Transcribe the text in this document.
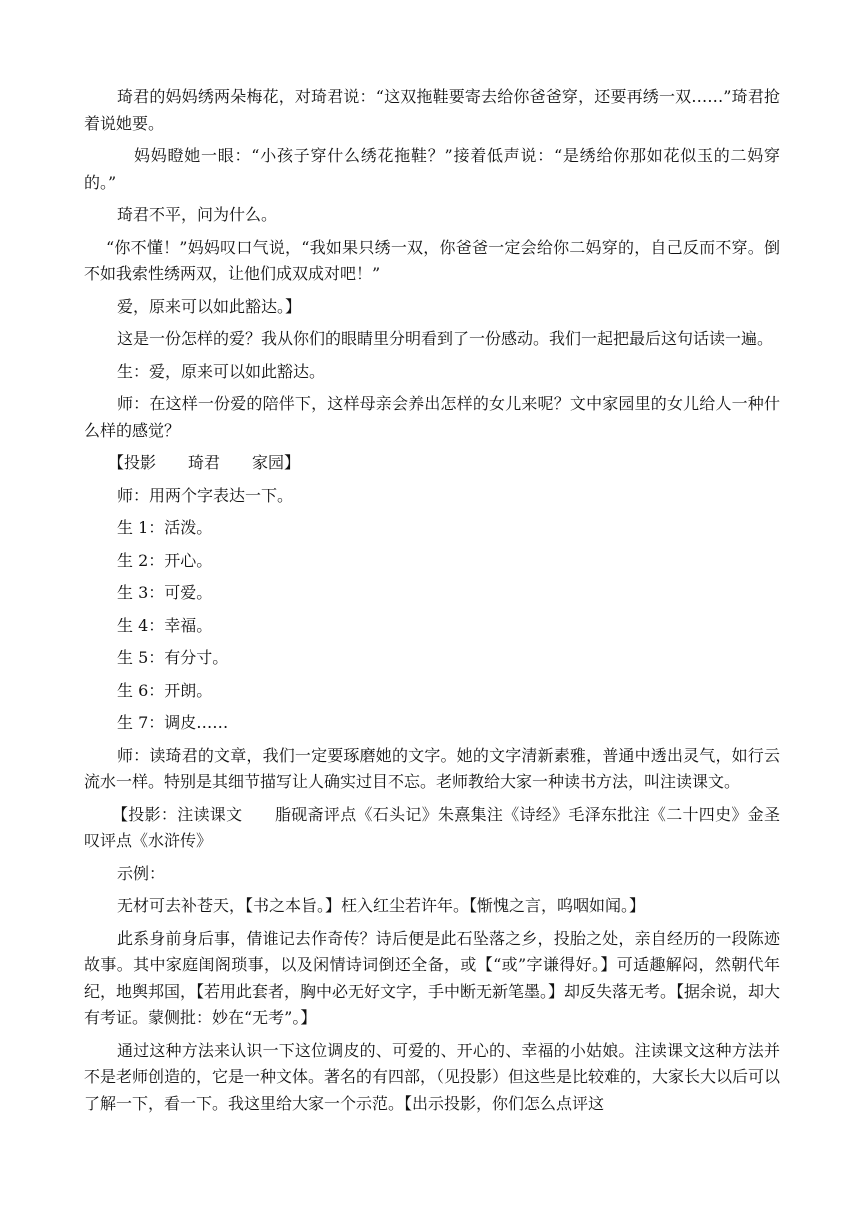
琦君的妈妈绣两朵梅花，对琦君说：“这双拖鞋要寄去给你爸爸穿，还要再绣一双……”琦君抢着说她要。

妈妈瞪她一眼：“小孩子穿什么绣花拖鞋？”接着低声说：“是绣给你那如花似玉的二妈穿的。”

琦君不平，问为什么。

“你不懂！”妈妈叹口气说，“我如果只绣一双，你爸爸一定会给你二妈穿的，自己反而不穿。倒不如我索性绣两双，让他们成双成对吧！”

爱，原来可以如此豁达。】

这是一份怎样的爱？我从你们的眼睛里分明看到了一份感动。我们一起把最后这句话读一遍。

生：爱，原来可以如此豁达。

师：在这样一份爱的陪伴下，这样母亲会养出怎样的女儿来呢？文中家园里的女儿给人一种什么样的感觉？

【投影　　琦君　　家园】

师：用两个字表达一下。

生 1：活泼。

生 2：开心。

生 3：可爱。

生 4：幸福。

生 5：有分寸。

生 6：开朗。

生 7：调皮……

师：读琦君的文章，我们一定要琢磨她的文字。她的文字清新素雅，普通中透出灵气，如行云流水一样。特别是其细节描写让人确实过目不忘。老师教给大家一种读书方法，叫注读课文。

【投影：注读课文　　脂砚斋评点《石头记》朱熹集注《诗经》毛泽东批注《二十四史》金圣叹评点《水浒传》

示例：

无材可去补苍天，【书之本旨。】枉入红尘若许年。【惭愧之言，呜咽如闻。】

此系身前身后事，倩谁记去作奇传？诗后便是此石坠落之乡，投胎之处，亲自经历的一段陈迹故事。其中家庭闺阁琐事，以及闲情诗词倒还全备，或【“或”字谦得好。】可适趣解闷，然朝代年纪，地舆邦国，【若用此套者，胸中必无好文字，手中断无新笔墨。】却反失落无考。【据余说，却大有考证。蒙侧批：妙在“无考”。】

通过这种方法来认识一下这位调皮的、可爱的、开心的、幸福的小姑娘。注读课文这种方法并不是老师创造的，它是一种文体。著名的有四部，（见投影）但这些是比较难的，大家长大以后可以了解一下，看一下。我这里给大家一个示范。【出示投影，你们怎么点评这
